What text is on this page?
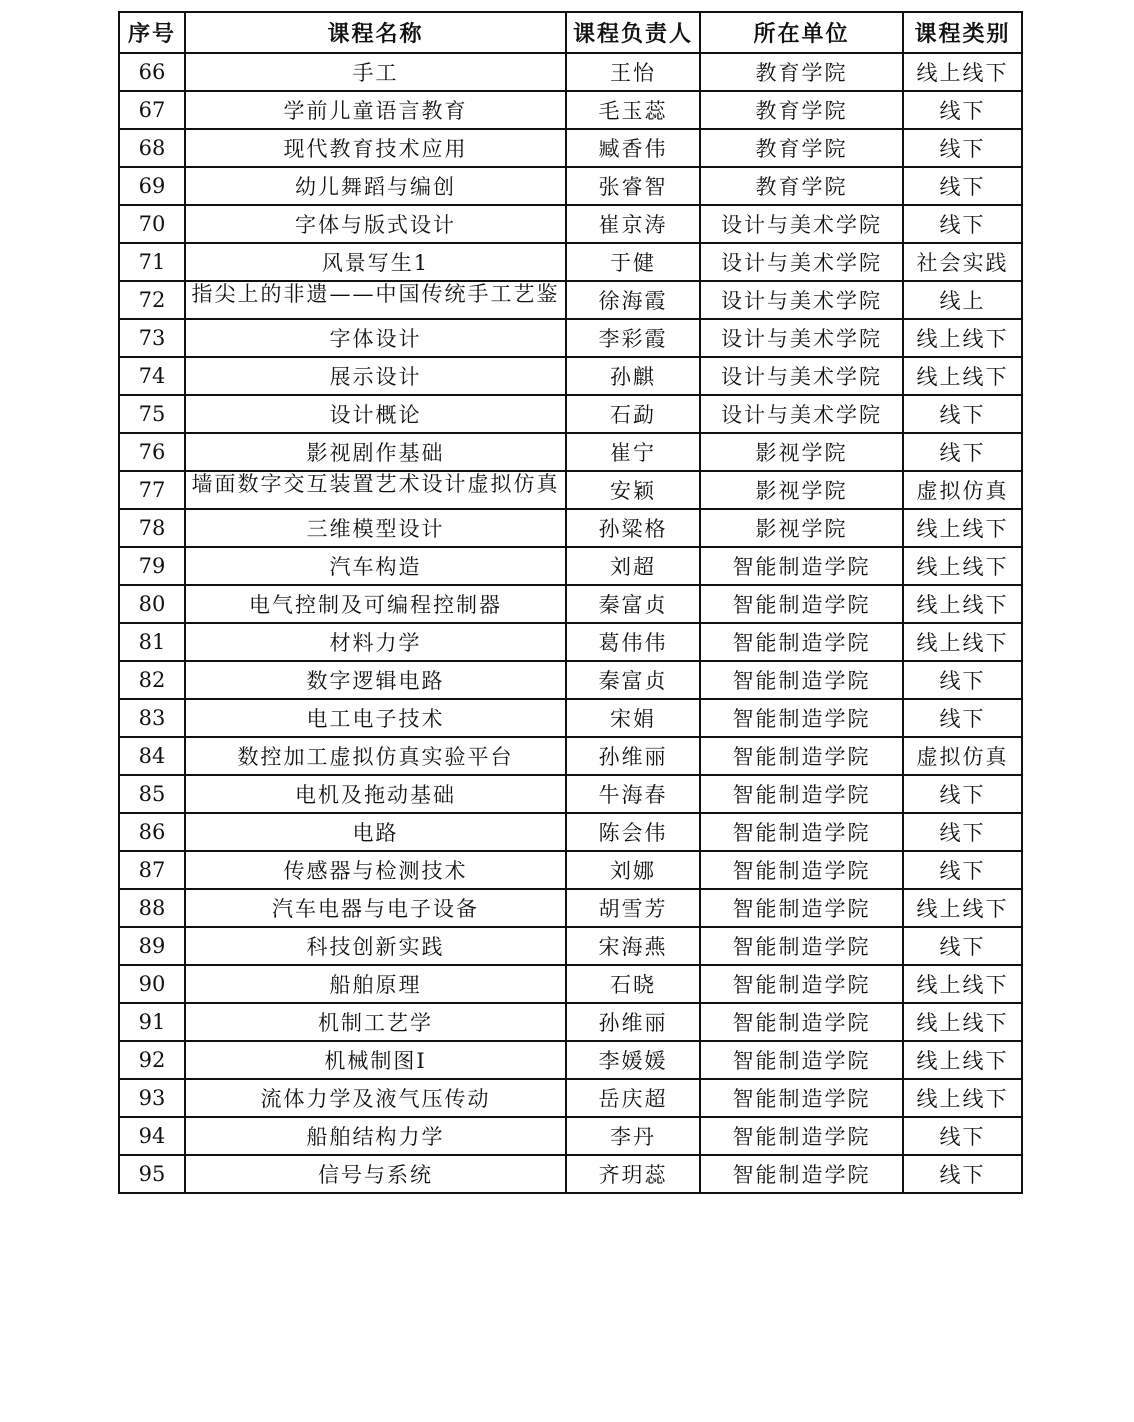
序号	课程名称	课程负责人	所在单位	课程类别
66	手工	王怡	教育学院	线上线下
67	学前儿童语言教育	毛玉蕊	教育学院	线下
68	现代教育技术应用	臧香伟	教育学院	线下
69	幼儿舞蹈与编创	张睿智	教育学院	线下
70	字体与版式设计	崔京涛	设计与美术学院	线下
71	风景写生1	于健	设计与美术学院	社会实践
72	指尖上的非遗——中国传统手工艺鉴	徐海霞	设计与美术学院	线上
73	字体设计	李彩霞	设计与美术学院	线上线下
74	展示设计	孙麒	设计与美术学院	线上线下
75	设计概论	石勐	设计与美术学院	线下
76	影视剧作基础	崔宁	影视学院	线下
77	墙面数字交互装置艺术设计虚拟仿真	安颖	影视学院	虚拟仿真
78	三维模型设计	孙粱格	影视学院	线上线下
79	汽车构造	刘超	智能制造学院	线上线下
80	电气控制及可编程控制器	秦富贞	智能制造学院	线上线下
81	材料力学	葛伟伟	智能制造学院	线上线下
82	数字逻辑电路	秦富贞	智能制造学院	线下
83	电工电子技术	宋娟	智能制造学院	线下
84	数控加工虚拟仿真实验平台	孙维丽	智能制造学院	虚拟仿真
85	电机及拖动基础	牛海春	智能制造学院	线下
86	电路	陈会伟	智能制造学院	线下
87	传感器与检测技术	刘娜	智能制造学院	线下
88	汽车电器与电子设备	胡雪芳	智能制造学院	线上线下
89	科技创新实践	宋海燕	智能制造学院	线下
90	船舶原理	石晓	智能制造学院	线上线下
91	机制工艺学	孙维丽	智能制造学院	线上线下
92	机械制图I	李媛媛	智能制造学院	线上线下
93	流体力学及液气压传动	岳庆超	智能制造学院	线上线下
94	船舶结构力学	李丹	智能制造学院	线下
95	信号与系统	齐玥蕊	智能制造学院	线下
